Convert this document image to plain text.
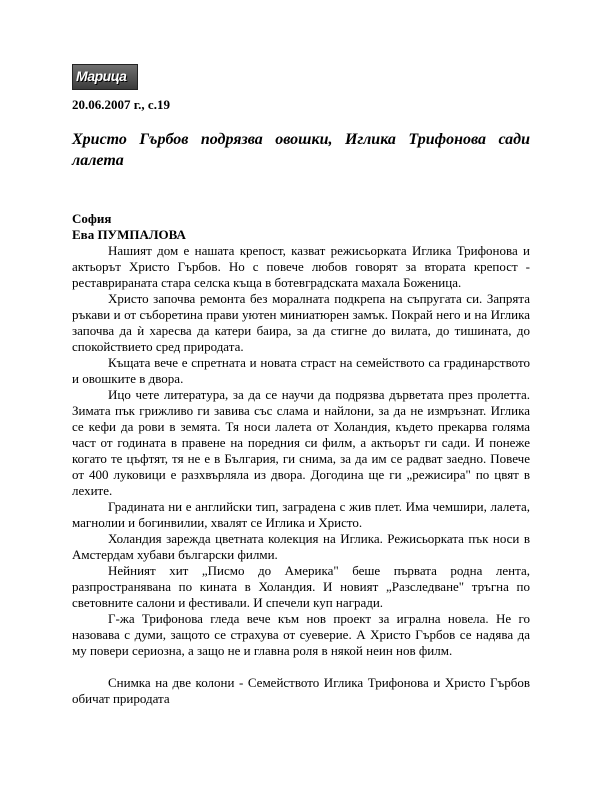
Марица
20.06.2007 г., с.19
Христо Гърбов подрязва овошки, Иглика Трифонова сади лалета
София
Ева ПУМПАЛОВА

Нашият дом е нашата крепост, казват режисьорката Иглика Трифонова и актьорът Христо Гърбов. Но с повече любов говорят за втората крепост - реставрираната стара селска къща в ботевградската махала Боженица.

Христо започва ремонта без моралната подкрепа на съпругата си. Запрята ръкави и от съборетина прави уютен миниатюрен замък. Покрай него и на Иглика започва да ѝ харесва да катери баира, за да стигне до вилата, до тишината, до спокойствието сред природата.

Къщата вече е спретната и новата страст на семейството са градинарството и овошките в двора.

Ицо чете литература, за да се научи да подрязва дърветата през пролетта. Зимата пък грижливо ги завива със слама и найлони, за да не измръзнат. Иглика се кефи да рови в земята. Тя носи лалета от Холандия, където прекарва голяма част от годината в правене на поредния си филм, а актьорът ги сади. И понеже когато те цъфтят, тя не е в България, ги снима, за да им се радват заедно. Повече от 400 луковици е разхвърляла из двора. Догодина ще ги „режисира" по цвят в лехите.

Градината ни е английски тип, заградена с жив плет. Има чемшири, лалета, магнолии и богинвилии, хвалят се Иглика и Христо.

Холандия зарежда цветната колекция на Иглика. Режисьорката пък носи в Амстердам хубави български филми.

Нейният хит „Писмо до Америка" беше първата родна лента, разпространявана по кината в Холандия. И новият „Разследване" тръгна по световните салони и фестивали. И спечели куп награди.

Г-жа Трифонова гледа вече към нов проект за игрална новела. Не го назовава с думи, защото се страхува от суеверие. А Христо Гърбов се надява да му повери сериозна, а защо не и главна роля в някой неин нов филм.

Снимка на две колони - Семейството Иглика Трифонова и Христо Гърбов обичат природата
